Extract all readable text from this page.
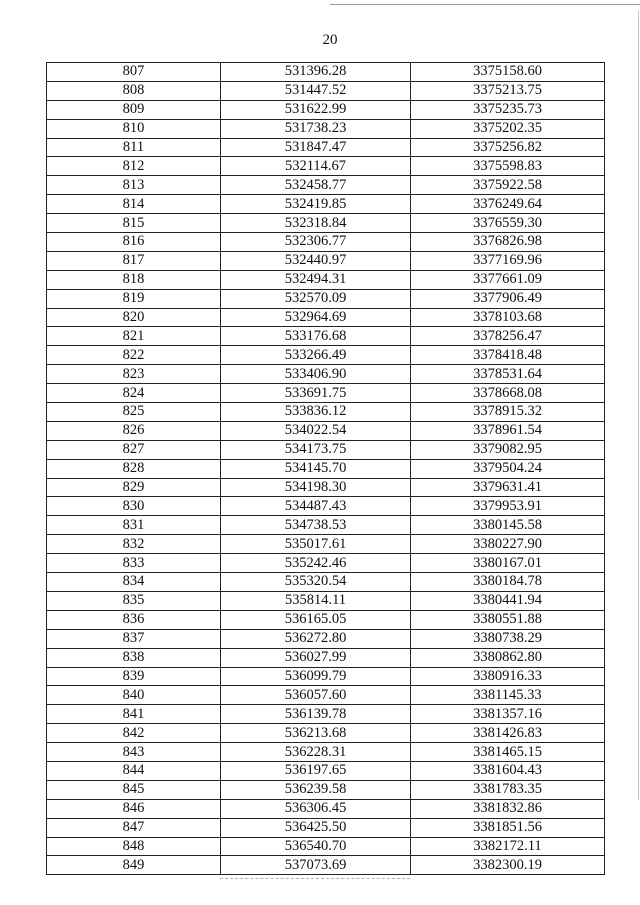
20
807	531396.28	3375158.60
808	531447.52	3375213.75
809	531622.99	3375235.73
810	531738.23	3375202.35
811	531847.47	3375256.82
812	532114.67	3375598.83
813	532458.77	3375922.58
814	532419.85	3376249.64
815	532318.84	3376559.30
816	532306.77	3376826.98
817	532440.97	3377169.96
818	532494.31	3377661.09
819	532570.09	3377906.49
820	532964.69	3378103.68
821	533176.68	3378256.47
822	533266.49	3378418.48
823	533406.90	3378531.64
824	533691.75	3378668.08
825	533836.12	3378915.32
826	534022.54	3378961.54
827	534173.75	3379082.95
828	534145.70	3379504.24
829	534198.30	3379631.41
830	534487.43	3379953.91
831	534738.53	3380145.58
832	535017.61	3380227.90
833	535242.46	3380167.01
834	535320.54	3380184.78
835	535814.11	3380441.94
836	536165.05	3380551.88
837	536272.80	3380738.29
838	536027.99	3380862.80
839	536099.79	3380916.33
840	536057.60	3381145.33
841	536139.78	3381357.16
842	536213.68	3381426.83
843	536228.31	3381465.15
844	536197.65	3381604.43
845	536239.58	3381783.35
846	536306.45	3381832.86
847	536425.50	3381851.56
848	536540.70	3382172.11
849	537073.69	3382300.19
